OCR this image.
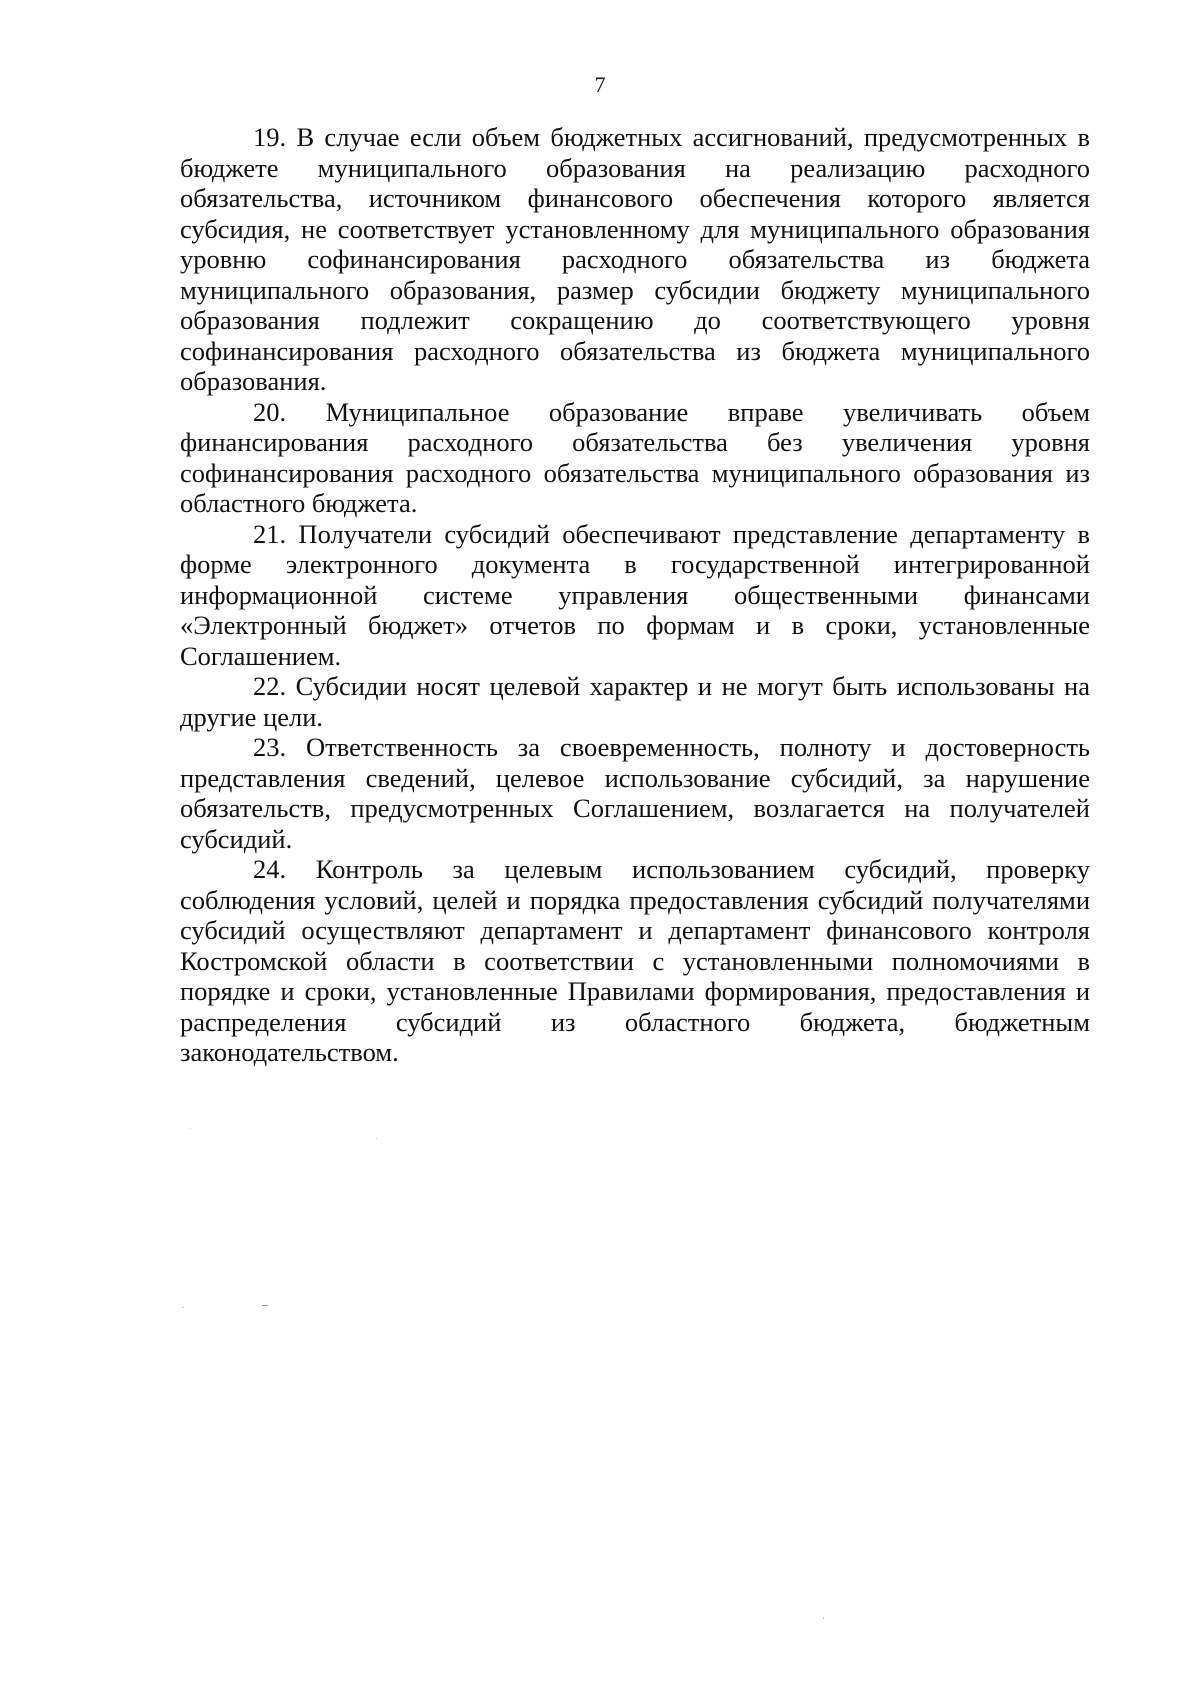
7

19. В случае если объем бюджетных ассигнований, предусмотренных в бюджете муниципального образования на реализацию расходного обязательства, источником финансового обеспечения которого является субсидия, не соответствует установленному для муниципального образования уровню софинансирования расходного обязательства из бюджета муниципального образования, размер субсидии бюджету муниципального образования подлежит сокращению до соответствующего уровня софинансирования расходного обязательства из бюджета муниципального образования.

20. Муниципальное образование вправе увеличивать объем финансирования расходного обязательства без увеличения уровня софинансирования расходного обязательства муниципального образования из областного бюджета.

21. Получатели субсидий обеспечивают представление департаменту в форме электронного документа в государственной интегрированной информационной системе управления общественными финансами «Электронный бюджет» отчетов по формам и в сроки, установленные Соглашением.

22. Субсидии носят целевой характер и не могут быть использованы на другие цели.

23. Ответственность за своевременность, полноту и достоверность представления сведений, целевое использование субсидий, за нарушение обязательств, предусмотренных Соглашением, возлагается на получателей субсидий.

24. Контроль за целевым использованием субсидий, проверку соблюдения условий, целей и порядка предоставления субсидий получателями субсидий осуществляют департамент и департамент финансового контроля Костромской области в соответствии с установленными полномочиями в порядке и сроки, установленные Правилами формирования, предоставления и распределения субсидий из областного бюджета, бюджетным законодательством.
